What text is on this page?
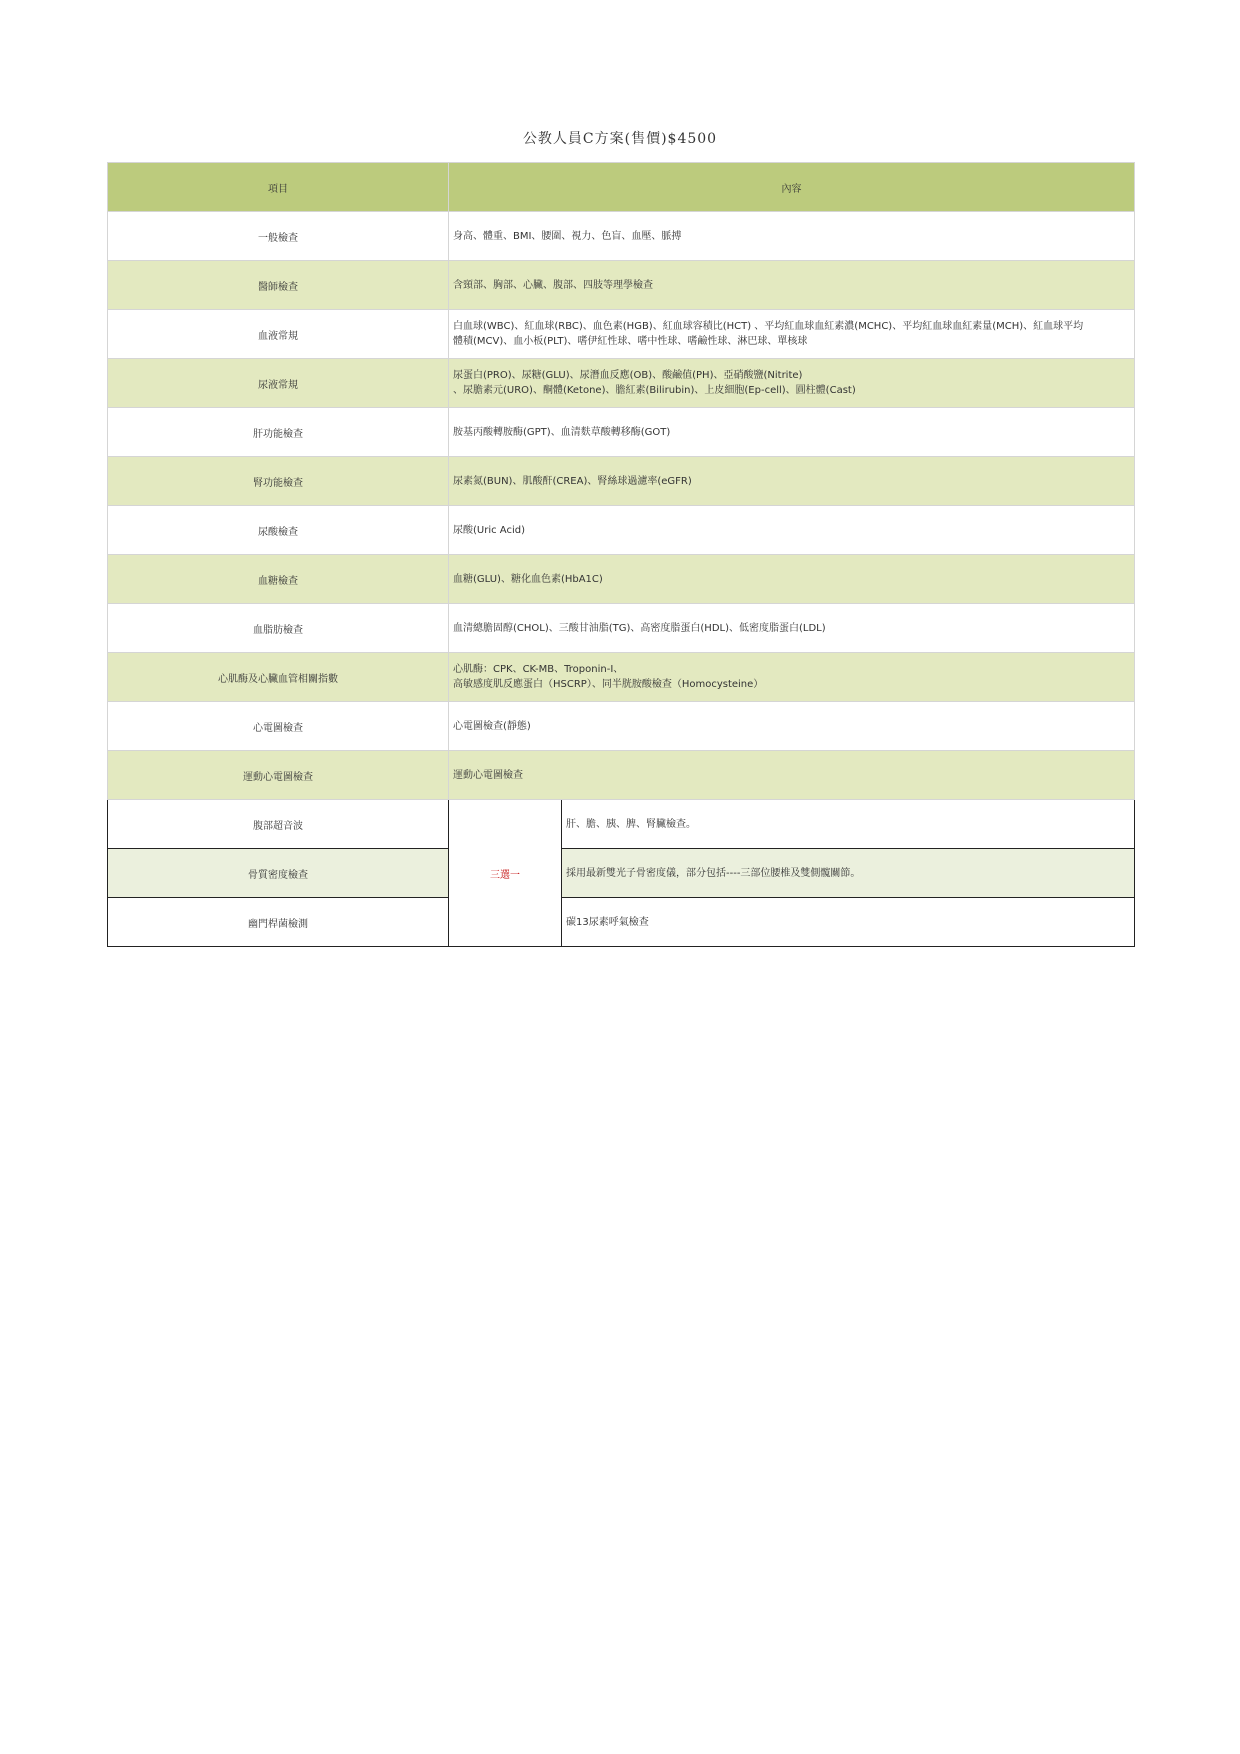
公教人員C方案(售價)$4500
項目	內容	
一般檢查	身高、體重、BMI、腰圍、視力、色盲、血壓、脈搏	

醫師檢查	含頸部、胸部、心臟、腹部、四肢等理學檢查	

血液常規	白血球(WBC)、紅血球(RBC)、血色素(HGB)、紅血球容積比(HCT) 、平均紅血球血紅素濃(MCHC)、平均紅血球血紅素量(MCH)、紅血球平均
體積(MCV)、血小板(PLT)、嗜伊紅性球、嗜中性球、嗜鹼性球、淋巴球、單核球	

尿液常規	尿蛋白(PRO)、尿糖(GLU)、尿潛血反應(OB)、酸鹼值(PH)、亞硝酸鹽(Nitrite)
、尿膽素元(URO)、酮體(Ketone)、膽紅素(Bilirubin)、上皮細胞(Ep-cell)、圓柱體(Cast)	

肝功能檢查	胺基丙酸轉胺酶(GPT)、血清麩草酸轉移酶(GOT)	

腎功能檢查	尿素氮(BUN)、肌酸酐(CREA)、腎絲球過濾率(eGFR)	

尿酸檢查	尿酸(Uric Acid)	

血糖檢查	血糖(GLU)、糖化血色素(HbA1C)	

血脂肪檢查	血清總膽固醇(CHOL)、三酸甘油脂(TG)、高密度脂蛋白(HDL)、低密度脂蛋白(LDL)	

心肌酶及心臟血管相關指數	心肌酶：CPK、CK-MB、Troponin-I、
高敏感度肌反應蛋白（HSCRP）、同半胱胺酸檢查（Homocysteine）	

心電圖檢查	心電圖檢查(靜態)	

運動心電圖檢查	運動心電圖檢查	

腹部超音波	三選一	肝、膽、胰、脾、腎臟檢查。
骨質密度檢查		採用最新雙光子骨密度儀，部分包括----三部位腰椎及雙側髖關節。
幽門桿菌檢測		碳13尿素呼氣檢查
